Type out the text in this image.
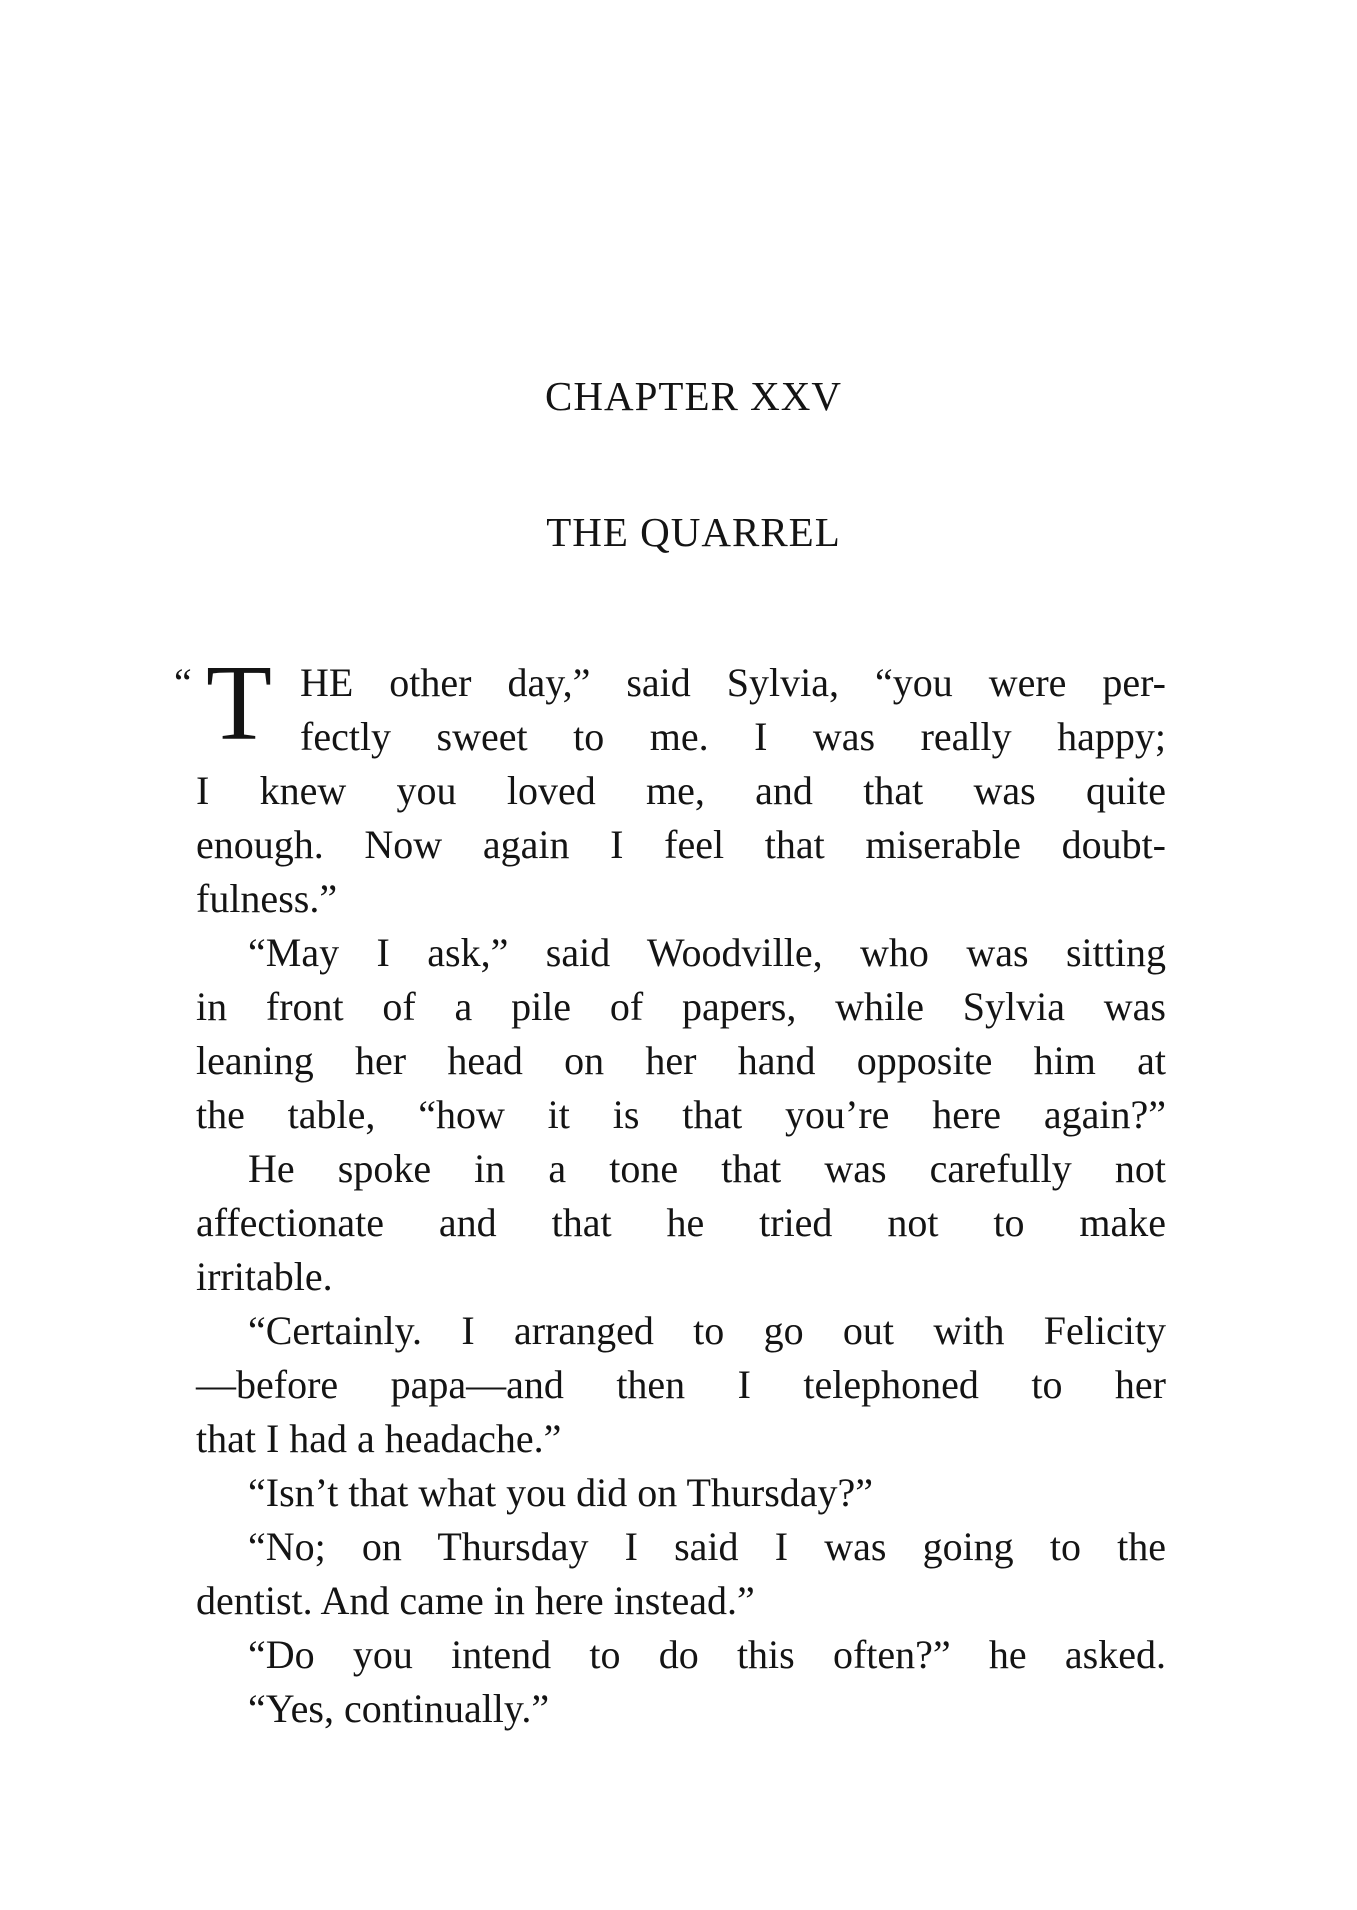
CHAPTER XXV
THE QUARREL
“ T HE other day,” said Sylvia, “you were per-
fectly sweet to me. I was really happy;
I knew you loved me, and that was quite
enough. Now again I feel that miserable doubt-
fulness.”
“May I ask,” said Woodville, who was sitting
in front of a pile of papers, while Sylvia was
leaning her head on her hand opposite him at
the table, “how it is that you’re here again?”
He spoke in a tone that was carefully not
affectionate and that he tried not to make
irritable.
“Certainly. I arranged to go out with Felicity
—before papa—and then I telephoned to her
that I had a headache.”
“Isn’t that what you did on Thursday?”
“No; on Thursday I said I was going to the
dentist. And came in here instead.”
“Do you intend to do this often?” he asked.
“Yes, continually.”
